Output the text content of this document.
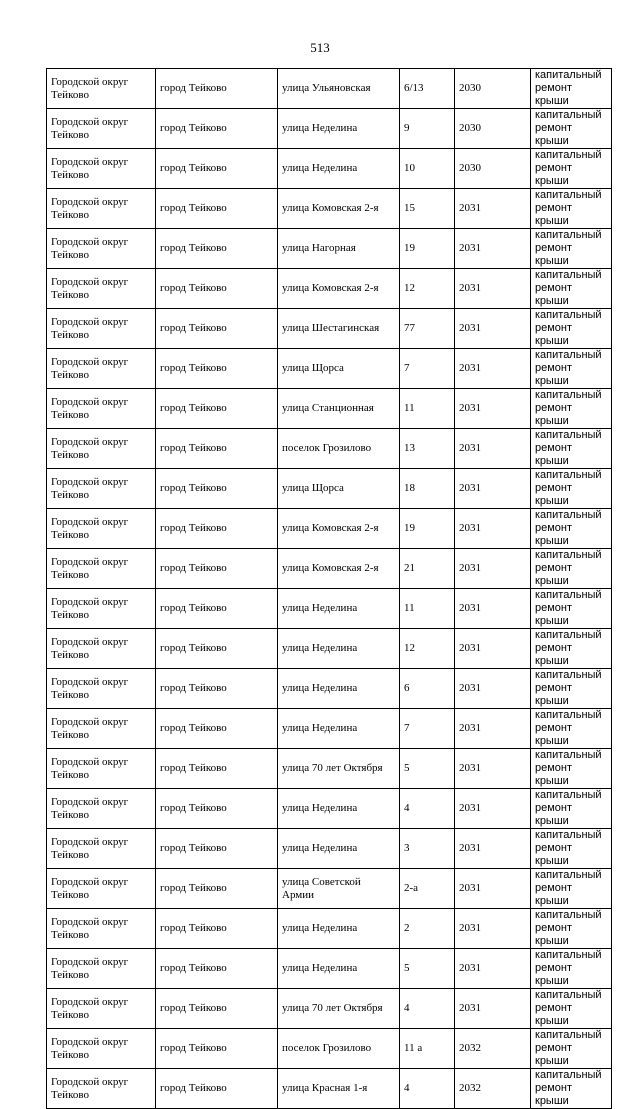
513
Городской округ Тейково	город Тейково	улица Ульяновская	6/13	2030	капитальный ремонт крыши
Городской округ Тейково	город Тейково	улица Неделина	9	2030	капитальный ремонт крыши
Городской округ Тейково	город Тейково	улица Неделина	10	2030	капитальный ремонт крыши
Городской округ Тейково	город Тейково	улица Комовская 2-я	15	2031	капитальный ремонт крыши
Городской округ Тейково	город Тейково	улица Нагорная	19	2031	капитальный ремонт крыши
Городской округ Тейково	город Тейково	улица Комовская 2-я	12	2031	капитальный ремонт крыши
Городской округ Тейково	город Тейково	улица Шестагинская	77	2031	капитальный ремонт крыши
Городской округ Тейково	город Тейково	улица Щорса	7	2031	капитальный ремонт крыши
Городской округ Тейково	город Тейково	улица Станционная	11	2031	капитальный ремонт крыши
Городской округ Тейково	город Тейково	поселок Грозилово	13	2031	капитальный ремонт крыши
Городской округ Тейково	город Тейково	улица Щорса	18	2031	капитальный ремонт крыши
Городской округ Тейково	город Тейково	улица Комовская 2-я	19	2031	капитальный ремонт крыши
Городской округ Тейково	город Тейково	улица Комовская 2-я	21	2031	капитальный ремонт крыши
Городской округ Тейково	город Тейково	улица Неделина	11	2031	капитальный ремонт крыши
Городской округ Тейково	город Тейково	улица Неделина	12	2031	капитальный ремонт крыши
Городской округ Тейково	город Тейково	улица Неделина	6	2031	капитальный ремонт крыши
Городской округ Тейково	город Тейково	улица Неделина	7	2031	капитальный ремонт крыши
Городской округ Тейково	город Тейково	улица 70 лет Октября	5	2031	капитальный ремонт крыши
Городской округ Тейково	город Тейково	улица Неделина	4	2031	капитальный ремонт крыши
Городской округ Тейково	город Тейково	улица Неделина	3	2031	капитальный ремонт крыши
Городской округ Тейково	город Тейково	улица Советской Армии	2-а	2031	капитальный ремонт крыши
Городской округ Тейково	город Тейково	улица Неделина	2	2031	капитальный ремонт крыши
Городской округ Тейково	город Тейково	улица Неделина	5	2031	капитальный ремонт крыши
Городской округ Тейково	город Тейково	улица 70 лет Октября	4	2031	капитальный ремонт крыши
Городской округ Тейково	город Тейково	поселок Грозилово	11 а	2032	капитальный ремонт крыши
Городской округ Тейково	город Тейково	улица Красная 1-я	4	2032	капитальный ремонт крыши
